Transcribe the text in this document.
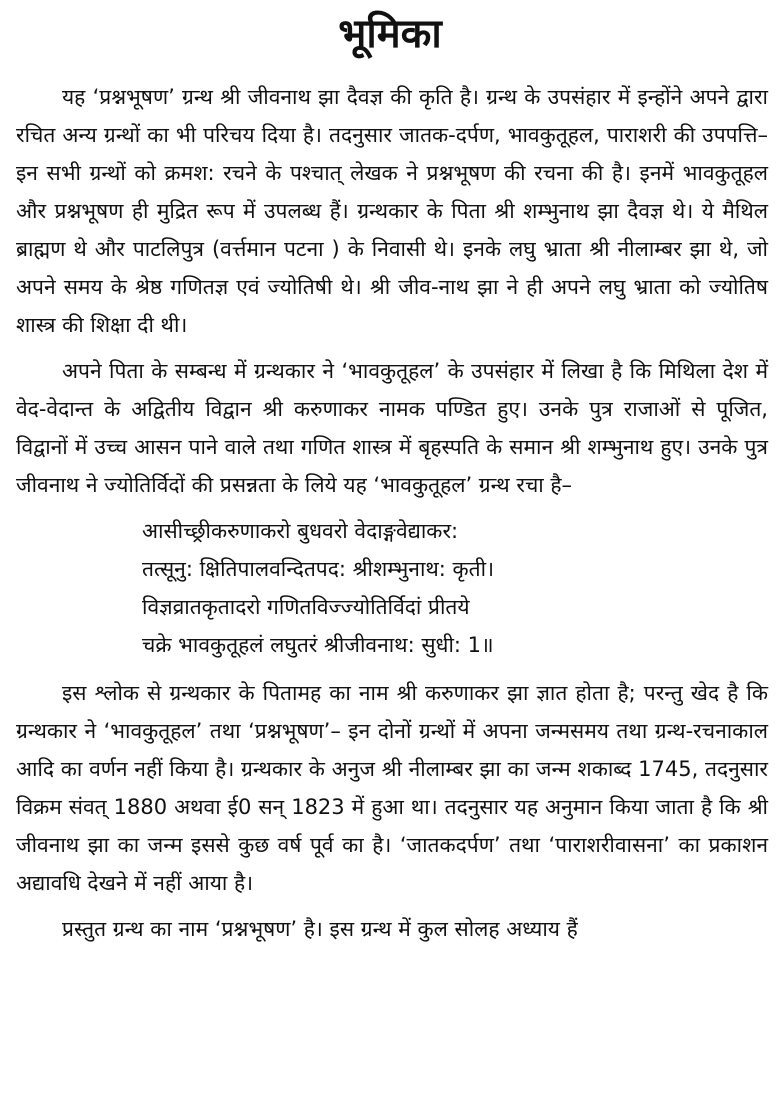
भूमिका

यह ‘प्रश्नभूषण’ ग्रन्थ श्री जीवनाथ झा दैवज्ञ की कृति है। ग्रन्थ के उपसंहार में इन्होंने अपने द्वारा रचित अन्य ग्रन्थों का भी परिचय दिया है। तदनुसार जातक-दर्पण, भावकुतूहल, पाराशरी की उपपत्ति– इन सभी ग्रन्थों को क्रमश: रचने के पश्चात् लेखक ने प्रश्नभूषण की रचना की है। इनमें भावकुतूहल और प्रश्नभूषण ही मुद्रित रूप में उपलब्ध हैं। ग्रन्थकार के पिता श्री शम्भुनाथ झा दैवज्ञ थे। ये मैथिल ब्राह्मण थे और पाटलिपुत्र (वर्त्तमान पटना ) के निवासी थे। इनके लघु भ्राता श्री नीलाम्बर झा थे, जो अपने समय के श्रेष्ठ गणितज्ञ एवं ज्योतिषी थे। श्री जीव-नाथ झा ने ही अपने लघु भ्राता को ज्योतिष शास्त्र की शिक्षा दी थी।

अपने पिता के सम्बन्ध में ग्रन्थकार ने ‘भावकुतूहल’ के उपसंहार में लिखा है कि मिथिला देश में वेद-वेदान्त के अद्वितीय विद्वान श्री करुणाकर नामक पण्डित हुए। उनके पुत्र राजाओं से पूजित, विद्वानों में उच्च आसन पाने वाले तथा गणित शास्त्र में बृहस्पति के समान श्री शम्भुनाथ हुए। उनके पुत्र जीवनाथ ने ज्योतिर्विदों की प्रसन्नता के लिये यह ‘भावकुतूहल’ ग्रन्थ रचा है–

आसीच्छ्रीकरुणाकरो बुधवरो वेदाङ्गवेद्याकर:
तत्सूनु: क्षितिपालवन्दितपद: श्रीशम्भुनाथ: कृती।
विज्ञव्रातकृतादरो गणितविज्ज्योतिर्विदां प्रीतये
चक्रे भावकुतूहलं लघुतरं श्रीजीवनाथ: सुधी: 1॥

इस श्लोक से ग्रन्थकार के पितामह का नाम श्री करुणाकर झा ज्ञात होता है; परन्तु खेद है कि ग्रन्थकार ने ‘भावकुतूहल’ तथा ‘प्रश्नभूषण’– इन दोनों ग्रन्थों में अपना जन्मसमय तथा ग्रन्थ-रचनाकाल आदि का वर्णन नहीं किया है। ग्रन्थकार के अनुज श्री नीलाम्बर झा का जन्म शकाब्द 1745, तदनुसार विक्रम संवत् 1880 अथवा ई0 सन् 1823 में हुआ था। तदनुसार यह अनुमान किया जाता है कि श्री जीवनाथ झा का जन्म इससे कुछ वर्ष पूर्व का है। ‘जातकदर्पण’ तथा ‘पाराशरीवासना’ का प्रकाशन अद्यावधि देखने में नहीं आया है।

प्रस्तुत ग्रन्थ का नाम ‘प्रश्नभूषण’ है। इस ग्रन्थ में कुल सोलह अध्याय हैं
